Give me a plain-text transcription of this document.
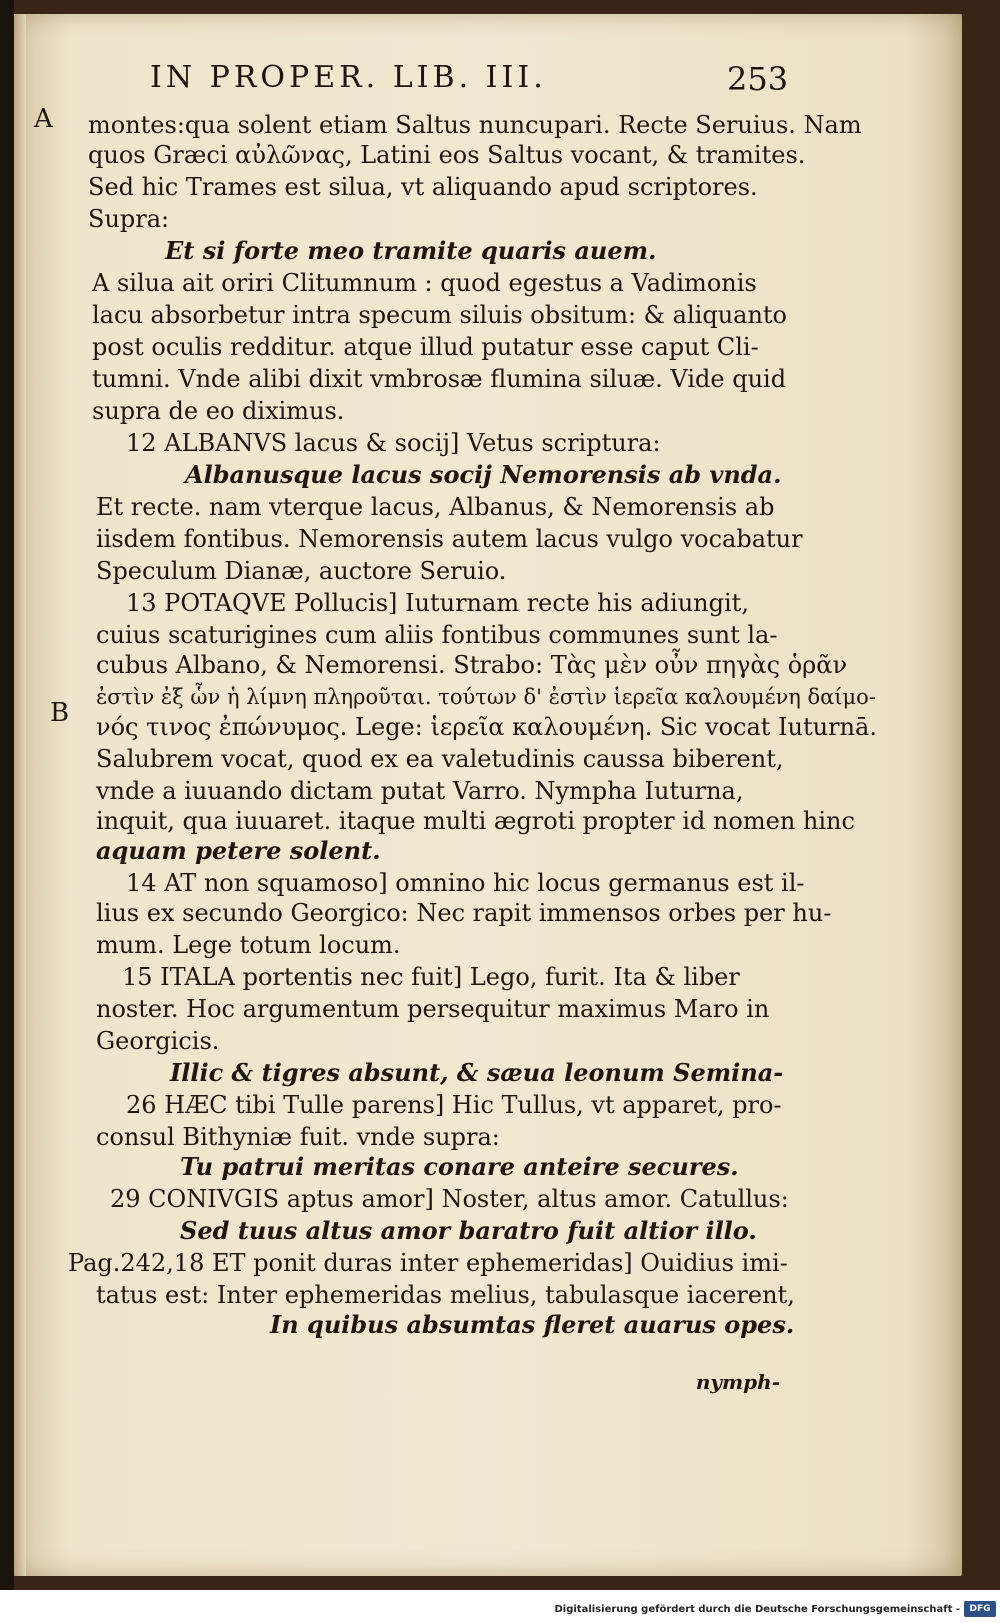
IN PROPER. LIB. III.	253
A
B
montes:qua solent etiam Saltus nuncupari. Recte Seruius. Nam
quos Græci αὐλῶνας, Latini eos Saltus vocant, & tramites.
Sed hic Trames est silua, vt aliquando apud scriptores.
Supra:
Et si forte meo tramite quaris auem.
A silua ait oriri Clitumnum : quod egestus a Vadimonis
lacu absorbetur intra specum siluis obsitum: & aliquanto
post oculis redditur. atque illud putatur esse caput Cli-
tumni. Vnde alibi dixit vmbrosæ flumina siluæ. Vide quid
supra de eo diximus.
12 ALBANVS lacus & socij] Vetus scriptura:
Albanusque lacus socij Nemorensis ab vnda.
Et recte. nam vterque lacus, Albanus, & Nemorensis ab
iisdem fontibus. Nemorensis autem lacus vulgo vocabatur
Speculum Dianæ, auctore Seruio.
13 POTAQVE Pollucis] Iuturnam recte his adiungit,
cuius scaturigines cum aliis fontibus communes sunt la-
cubus Albano, & Nemorensi. Strabo: Τὰς μὲν οὖν πηγὰς ὁρᾶν
ἐστὶν ἐξ ὧν ἡ λίμνη πληροῦται. τούτων δ' ἐστὶν ἱερεῖα καλουμένη δαίμο-
νός τινος ἐπώνυμος. Lege: ἱερεῖα καλουμένη. Sic vocat Iuturnā.
Salubrem vocat, quod ex ea valetudinis caussa biberent,
vnde a iuuando dictam putat Varro. Nympha Iuturna,
inquit, qua iuuaret. itaque multi ægroti propter id nomen hinc
aquam petere solent.
14 AT non squamoso] omnino hic locus germanus est il-
lius ex secundo Georgico: Nec rapit immensos orbes per hu-
mum. Lege totum locum.
15 ITALA portentis nec fuit] Lego, furit. Ita & liber
noster. Hoc argumentum persequitur maximus Maro in
Georgicis.
Illic & tigres absunt, & sæua leonum Semina-
26 HÆC tibi Tulle parens] Hic Tullus, vt apparet, pro-
consul Bithyniæ fuit. vnde supra:
Tu patrui meritas conare anteire secures.
29 CONIVGIS aptus amor] Noster, altus amor. Catullus:
Sed tuus altus amor baratro fuit altior illo.
Pag.242,18 ET ponit duras inter ephemeridas] Ouidius imi-
tatus est: Inter ephemeridas melius, tabulasque iacerent,
In quibus absumtas fleret auarus opes.
nymph-
Digitalisierung gefördert durch die Deutsche Forschungsgemeinschaft -	DFG
